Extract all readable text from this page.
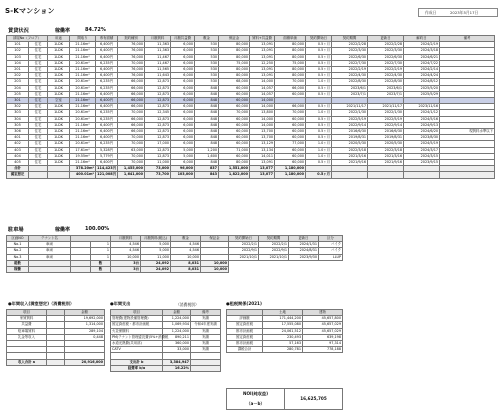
S-Kマンション	作成日	2023年5月17日
賃貸状況	稼働率	84.72%
部屋No（フロア）		用途	間取り	専有面積	契約種別	月額賃料	月額共益費	敷金	保証金	賃料+共益費	面積単価	契約開始日	契約期間	更新日	解約日	備考
101	住宅	1LDK	21.16m²	6,400円	76,000	11,363	6,000	530	80,000	13,091	80,000	0.5ヶ月	2022/2/28	2022/2/28	2024/2/19	
102	住宅	1LDK	21.16m²	6,400円	76,000	11,363	6,000	530	80,000	13,091	80,000	0.5ヶ月	2022/3/30	2022/3/30	2024/3/18	
103	住宅	1LDK	21.16m²	6,400円	76,000	11,467	6,000	530	80,000	13,091	80,000	0.5ヶ月	2022/6/30	2022/6/30	2024/6/21	
104	住宅	1LDK	20.61m²	6,235円	70,000	11,467	6,000	530	75,000	12,250	75,000	0.5ヶ月	2022/7/30	2022/7/30	2024/7/22	
201	住宅	1LDK	21.16m²	6,400円	76,000	11,565	6,000	530	80,000	13,091	80,000	0.5ヶ月	2022/2/19	2022/2/19	2024/2/14	
202	住宅	1LDK	21.16m²	6,400円	76,000	11,643	6,000	530	80,000	13,091	80,000	0.5ヶ月	2022/4/30	2022/4/30	2024/4/24	
203	住宅	1LDK	20.61m²	6,235円	66,000	12,873	6,000	530	68,000	14,000	70,000	1.0ヶ月	2022/8/30	2022/8/30	2024/8/12	
204	住宅	1LDK	20.61m²	6,235円	66,000	12,873	6,000	848	60,000	14,057	66,000	0.5ヶ月	2023/6/1	2023/6/1	2025/5/20	
205	住宅	1LDK	21.16m²	6,400円	66,000	12,873	6,000	848	60,000	14,057	60,000	0.5ヶ月	2023/7/1	2023/7/1	2025/5/29	
301	住宅	空室	21.16m²	6,400円	66,000	12,873	6,000	848	60,000	14,000						
302	住宅	1LDK	21.16m²	6,400円	66,000	12,873	6,000	848	60,000	14,000	66,000	0.5ヶ月	2021/11/17	2021/11/17	2023/11/16	
303	住宅	1LDK	20.61m²	6,235円	70,000	12,345	6,000	848	70,000	13,800	70,000	1.0ヶ月	2022/1/30	2022/1/30	2024/1/12	
304	住宅	1LDK	20.61m²	6,235円	66,000	12,873	6,000	848	60,000	14,000	60,000	0.5ヶ月	2022/5/19	2022/5/19	2024/5/16	
305	住宅	1LDK	21.16m²	6,400円	66,000	12,873	6,000	848	60,000	14,000	60,000	0.5ヶ月	2022/9/14	2022/9/14	2024/9/13	
306	住宅	1LDK	21.16m²	6,400円	66,000	12,873	6,000	848	60,000	13,700	60,000	0.5ヶ月	2016/6/30	2016/6/30	2024/6/20	現賃料水準以下
401	住宅	1LDK	21.16m²	6,400円	70,000	12,873	6,000	848	60,000	13,700	60,000	0.5ヶ月	2019/8/31	2019/8/31	2023/8/30	
402	住宅	1LDK	20.61m²	6,235円	70,000	17,000	6,000	848	60,000	13,129	77,000	1.0ヶ月	2020/5/30	2020/5/30	2024/5/19	
403	住宅	1LDK	17.61m²	5,328円	63,000	12,873	5,000	1,200	71,000	13,134	60,000	1.0ヶ月	2022/3/18	2022/3/18	2024/3/17	
404	住宅	1LDK	19.55m²	5,779円	70,000	12,873	5,000	1,600	60,000	14,011	60,000	1.0ヶ月	2021/3/16	2021/3/16	2024/3/15	
405	住宅	1LDK	21.16m²	6,400円	70,000	11,000	6,000	848	80,000	13,091	60,000	0.5ヶ月	2021/9/16	2021/9/16	2023/9/15	
合計			378.20m²	114,423円	1,455,000	73,000	96,000	837	1,551,000	13,077	1,180,000					
満室想定			400.01m²	121,008円	1,641,000	73,700	103,000	843	1,822,000	13,077	1,180,000	0.5ヶ月				
駐車場	稼働率	100.00%
区画NO	テナント名			月額賃料	月額賃料(税込)	敷金	保証金	契約開始日	契約期間	更新日	区分
No.1	車両		1	4,546	5,000	4,546		2022/2/1	2022/2/1	2024/1/31	バイク
No.2	車両		1	4,546	5,000	4,546		2022/9/1	2022/9/1	2024/8/31	バイク
No.3	車両		1	10,000	11,000	10,000		2021/10/1	2021/10/1	2023/9/30	LLUP
総数			数	3台	24,092	8,031	10,000				
稼働			数	3台	24,092	8,031	10,000				
●年間収入(満室想定)（消費税別）
項目		金額
家賃賃料		19,692,000
共益費		1,314,000
駐車場賃料		289,104
礼金等収入		0,448

収入合計 a		20,916,000
●年間支出	（消費税別）
項目	金額	備考
管理費(建物設備管理費)	1,224,000	実績
固定資産税・都市計画税	1,069,934	令和4年度実績
火災保険料	1,224,000	実績
PM(テナント管理委託費)5%+消費税	890,211	実績
水道光熱費(共用部)	360,000	実績
CATV	33,000	実績

支出計 b	3,384,947	
経費率 b/a	16.22%	
●租税関係(2021)
	土地	建物
評価額	171,444,200	45,657,800
固定資産税	17,555,080	45,657,029
都市計画税	24,061,512	45,657,029
固定資産税	230,493	639,198
都市計画税	57,163	97,314
課税合計	280,781	778,188
NOI(純収益)
（a－b）	16,625,705
